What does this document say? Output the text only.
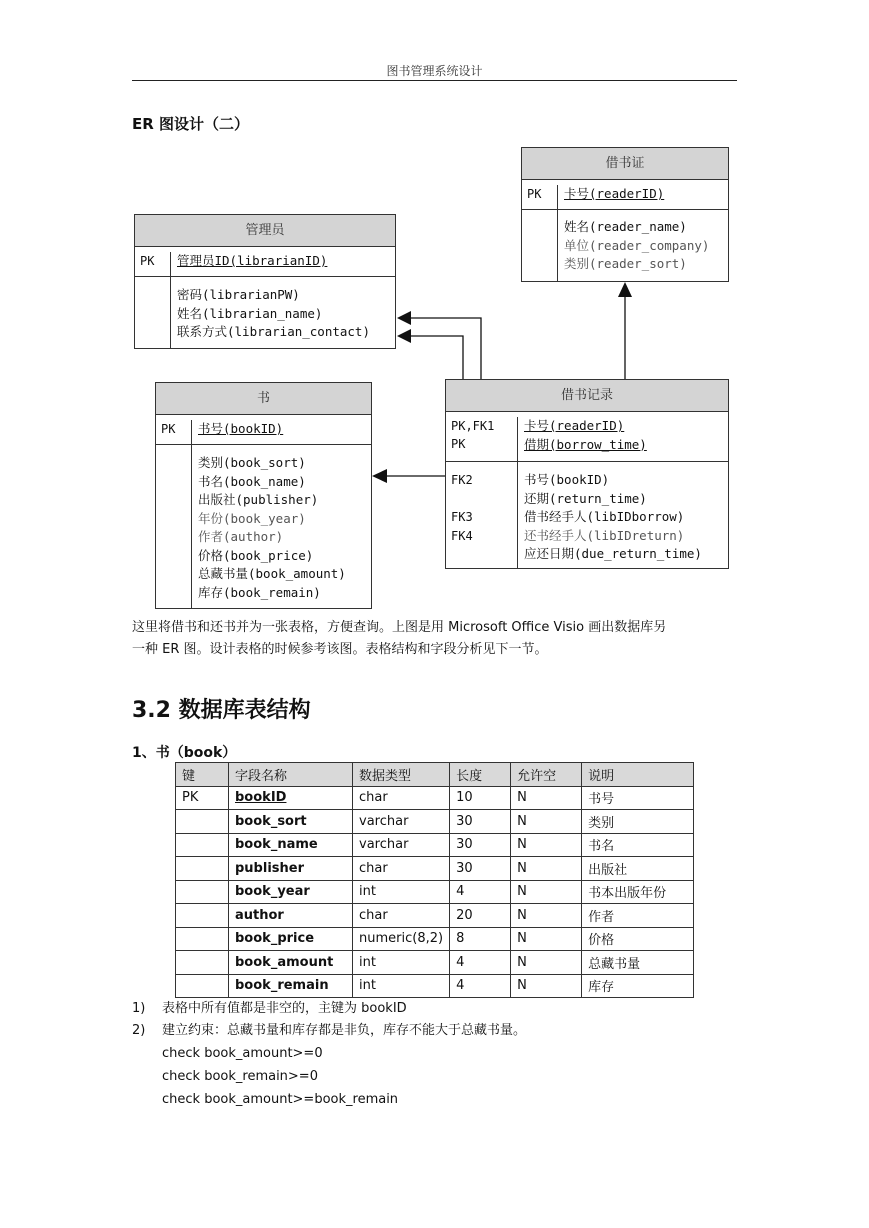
图书管理系统设计
ER 图设计（二）
借书证
PK	卡号(readerID)
姓名(reader_name)
单位(reader_company)
类别(reader_sort)
管理员
PK	管理员ID(librarianID)
密码(librarianPW)
姓名(librarian_name)
联系方式(librarian_contact)
书
PK	书号(bookID)
类别(book_sort)
书名(book_name)
出版社(publisher)
年份(book_year)
作者(author)
价格(book_price)
总藏书量(book_amount)
库存(book_remain)
借书记录
PK,FK1
PK
卡号(readerID)
借期(borrow_time)
FK2
FK3
FK4
书号(bookID)
还期(return_time)
借书经手人(libIDborrow)
还书经手人(libIDreturn)
应还日期(due_return_time)
这里将借书和还书并为一张表格，方便查询。上图是用 Microsoft Office Visio 画出数据库另
一种 ER 图。设计表格的时候参考该图。表格结构和字段分析见下一节。
3.2 数据库表结构
1、书（book）
键	字段名称	数据类型	长度	允许空	说明
PK	bookID	char	10	N	书号
	book_sort	varchar	30	N	类别
	book_name	varchar	30	N	书名
	publisher	char	30	N	出版社
	book_year	int	4	N	书本出版年份
	author	char	20	N	作者
	book_price	numeric(8,2)	8	N	价格
	book_amount	int	4	N	总藏书量
	book_remain	int	4	N	库存
1) 表格中所有值都是非空的，主键为 bookID
2) 建立约束：总藏书量和库存都是非负，库存不能大于总藏书量。
check book_amount>=0
check book_remain>=0
check book_amount>=book_remain
